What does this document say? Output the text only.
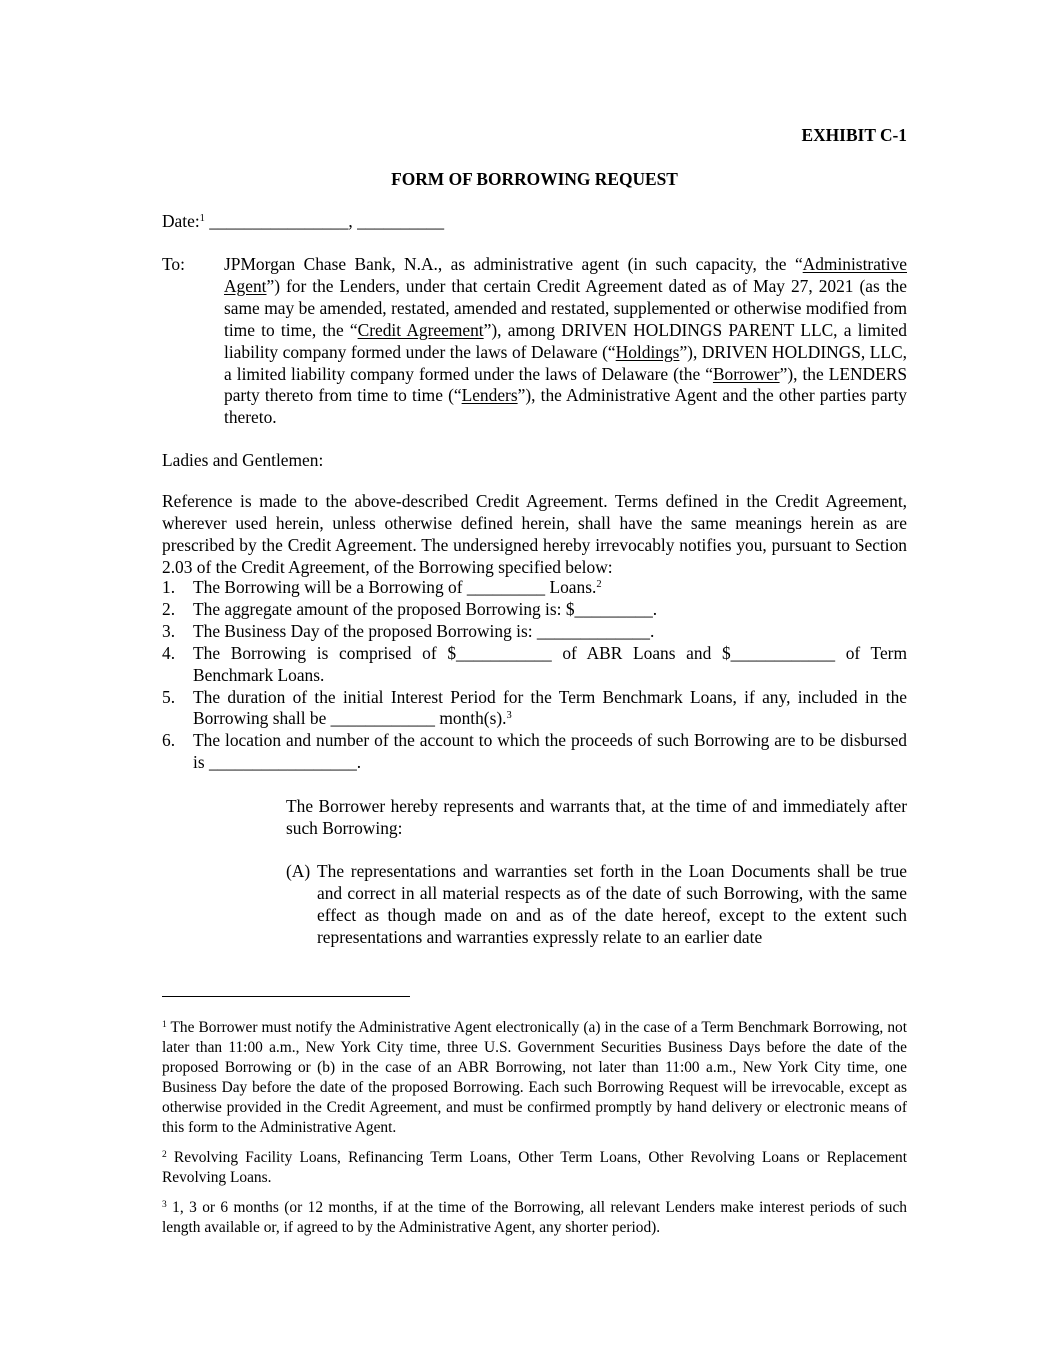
EXHIBIT C-1
FORM OF BORROWING REQUEST
Date:$^1$ ________________, __________
To: JPMorgan Chase Bank, N.A., as administrative agent (in such capacity, the “Administrative Agent”) for the Lenders, under that certain Credit Agreement dated as of May 27, 2021 (as the same may be amended, restated, amended and restated, supplemented or otherwise modified from time to time, the “Credit Agreement”), among DRIVEN HOLDINGS PARENT LLC, a limited liability company formed under the laws of Delaware (“Holdings”), DRIVEN HOLDINGS, LLC, a limited liability company formed under the laws of Delaware (the “Borrower”), the LENDERS party thereto from time to time (“Lenders”), the Administrative Agent and the other parties party thereto.
Ladies and Gentlemen:
Reference is made to the above-described Credit Agreement. Terms defined in the Credit Agreement, wherever used herein, unless otherwise defined herein, shall have the same meanings herein as are prescribed by the Credit Agreement. The undersigned hereby irrevocably notifies you, pursuant to Section 2.03 of the Credit Agreement, of the Borrowing specified below:
1. The Borrowing will be a Borrowing of _________ Loans.$^2$
2. The aggregate amount of the proposed Borrowing is: $_________.
3. The Business Day of the proposed Borrowing is: _____________.
4. The Borrowing is comprised of $___________ of ABR Loans and $____________ of Term Benchmark Loans.
5. The duration of the initial Interest Period for the Term Benchmark Loans, if any, included in the Borrowing shall be ____________ month(s).$^3$
6. The location and number of the account to which the proceeds of such Borrowing are to be disbursed is _________________.
The Borrower hereby represents and warrants that, at the time of and immediately after such Borrowing:
(A) The representations and warranties set forth in the Loan Documents shall be true and correct in all material respects as of the date of such Borrowing, with the same effect as though made on and as of the date hereof, except to the extent such representations and warranties expressly relate to an earlier date
$^1$ The Borrower must notify the Administrative Agent electronically (a) in the case of a Term Benchmark Borrowing, not later than 11:00 a.m., New York City time, three U.S. Government Securities Business Days before the date of the proposed Borrowing or (b) in the case of an ABR Borrowing, not later than 11:00 a.m., New York City time, one Business Day before the date of the proposed Borrowing. Each such Borrowing Request will be irrevocable, except as otherwise provided in the Credit Agreement, and must be confirmed promptly by hand delivery or electronic means of this form to the Administrative Agent.
$^2$ Revolving Facility Loans, Refinancing Term Loans, Other Term Loans, Other Revolving Loans or Replacement Revolving Loans.
$^3$ 1, 3 or 6 months (or 12 months, if at the time of the Borrowing, all relevant Lenders make interest periods of such length available or, if agreed to by the Administrative Agent, any shorter period).
